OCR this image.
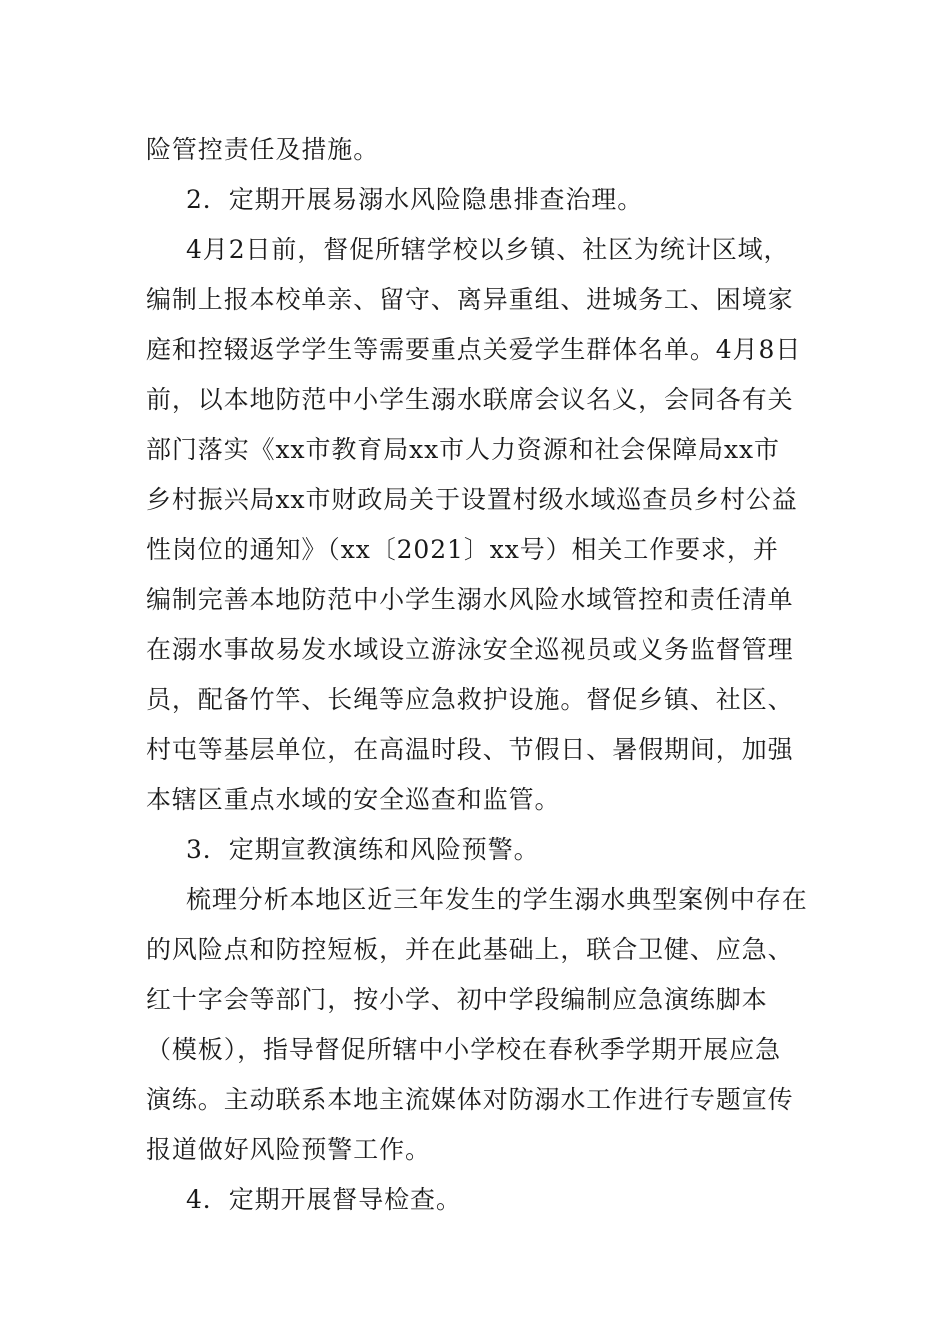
险管控责任及措施。
2．定期开展易溺水风险隐患排查治理。
4月2日前，督促所辖学校以乡镇、社区为统计区域，
编制上报本校单亲、留守、离异重组、进城务工、困境家
庭和控辍返学学生等需要重点关爱学生群体名单。4月8日
前，以本地防范中小学生溺水联席会议名义，会同各有关
部门落实《xx市教育局xx市人力资源和社会保障局xx市
乡村振兴局xx市财政局关于设置村级水域巡查员乡村公益
性岗位的通知》（xx〔2021〕xx号）相关工作要求，并
编制完善本地防范中小学生溺水风险水域管控和责任清单
在溺水事故易发水域设立游泳安全巡视员或义务监督管理
员，配备竹竿、长绳等应急救护设施。督促乡镇、社区、
村屯等基层单位，在高温时段、节假日、暑假期间，加强
本辖区重点水域的安全巡查和监管。
3．定期宣教演练和风险预警。
梳理分析本地区近三年发生的学生溺水典型案例中存在
的风险点和防控短板，并在此基础上，联合卫健、应急、
红十字会等部门，按小学、初中学段编制应急演练脚本
（模板），指导督促所辖中小学校在春秋季学期开展应急
演练。主动联系本地主流媒体对防溺水工作进行专题宣传
报道做好风险预警工作。
4．定期开展督导检查。
